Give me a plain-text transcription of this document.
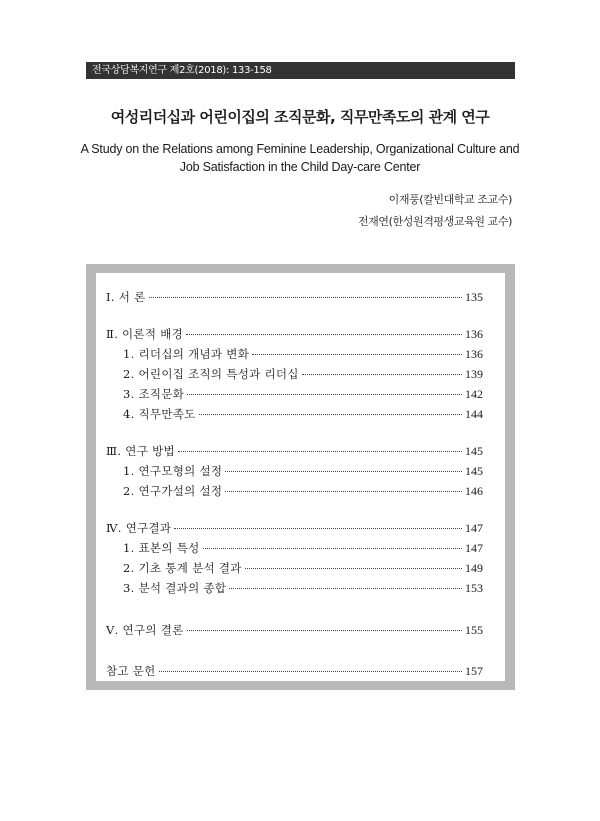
전국상담복지연구 제2호(2018): 133-158
여성리더십과 어린이집의 조직문화, 직무만족도의 관계 연구
A Study on the Relations among Feminine Leadership, Organizational Culture and
Job Satisfaction in the Child Day-care Center
이재풍(칼빈대학교 조교수)
전재연(한성원격평생교육원 교수)
Ⅰ. 서 론	135
Ⅱ. 이론적 배경	136
1. 리더십의 개념과 변화	136
2. 어린이집 조직의 특성과 리더십	139
3. 조직문화	142
4. 직무만족도	144
Ⅲ. 연구 방법	145
1. 연구모형의 설정	145
2. 연구가설의 설정	146
Ⅳ. 연구결과	147
1. 표본의 특성	147
2. 기초 통계 분석 결과	149
3. 분석 결과의 종합	153
Ⅴ. 연구의 결론	155
참고 문헌	157
